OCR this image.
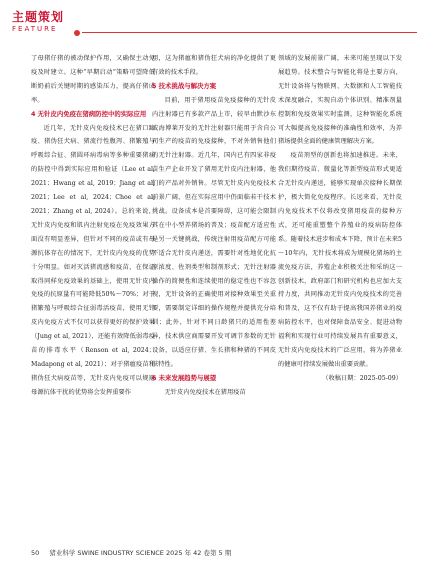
主题策划
FEATURE

了母猪仔猪的被动保护作用，又确保主动免疫及时建立。这种“早期启动”策略可望降低断奶前后关键时期的感染压力，提高仔猪成率。

4 无针皮内免疫在猪病防控中的实际应用

近几年，无针皮内免疫技术已在猪口蹄疫、猪伪狂犬病、猪流行性腹泻、猪繁殖与呼吸综合征、猪圆环病毒病等多种重要猪病的防控中得到实际应用和验证（Lee et al, 2021；Hwang et al, 2019；Jiang et al, 2021；Lee et al, 2024；Choe et al, 2021；Zhang et al, 2024）。总的来说，无针皮内免疫和肌内注射免疫在免疫效果方面没有明显差异，但针对不同的疫苗或有母源抗体存在的情况下，无针皮内免疫的优势十分明显。如对灭活猪流感和疫苗，在保证取得同样免疫效果的基础上，使用无针皮内免疫的抗原量有可能降低50%～70%；对于猪繁殖与呼吸综合征弱毒活疫苗，使用无针皮内免疫方式不仅可以获得更好的保护效果（Jung et al, 2021），还能有效降低弱毒疫苗的排毒水平（Renson et al, 2024；Madapong et al, 2021）；对于猪瘟疫苗和猪伪狂犬病疫苗等，无针皮内免疫可以规避母源抗体干扰的优势将会发挥重要作

用，这为猪瘟和猪伪狂犬病的净化提供了更有效的技术手段。

5 技术挑战与解决方案

目前，用于猪用疫苗免疫接种的无针皮内注射器已有多款产品上市，较早由默沙东或海博莱开发的无针注射器只能用于含自公司生产的疫苗的免疫接种，不对外销售他们的无针注射器。近几年，国内已有四家非疫苗生产企业开发了猪用无针皮内注射器，他们的产品对外销售。尽管无针皮内免疫技术前景广阔，但在实际应用中仍面临若干技术挑战。设备成本是首要障碍，这可能会限制其在中小型养猪场的普及；疫苗配方适应性是另一关键挑战，传统注射用疫苗配方可能不适合无针皮内递送，需要针对性地优化抗原浓度、佐剂类型和制剂形式；无针注射器操作的简便性和连续使用的稳定性也不容忽视，无针设备的正确使用对接种效果至关重要，需要制定详细的操作规程并提供充分培训；此外，针对不同日龄猪只的适用性差异，技术供应商需要开发可调节参数的无针设备，以适应仔猪、生长猪和种猪的不同皮肤特性。

6 未来发展趋势与展望

无针皮内免疫技术在猪用疫苗

领域的发展前景广阔，未来可能呈现以下发展趋势。技术整合与智能化将是主要方向，无针设备将与物联网、大数据和人工智能技术深度融合，实现自动个体识别、精准剂量控制和免疫效果实时监测，这种智能化系统可大幅提高免疫接种的准确性和效率，为养猪场提供全面的健康管理解决方案。

疫苗剂型的创新也将加速推进。未来，我们期待疫苗、微量化等新型疫苗形式更适合无针皮内递送，能够实现单次接种长期保护，极大简化免疫程序。长远来看，无针皮内免疫技术不仅将改变猪用疫苗的接种方式，还可能重塑整个养殖业的疫病防控体系。随着技术进步和成本下降，预计在未来5～10年内，无针技术将成为规模化猪场的主流免疫方法，养殖企业积极关注和采纳这一创新技术，政府部门和研究机构也应加大支持力度，共同推动无针皮内免疫技术的完善和普及，这不仅有助于提高我国养猪业的疫病防控水平，也对保障食品安全、促进动物福利和实现行业可持续发展具有重要意义，无针皮内免疫技术的广泛应用，将为养猪业的健康可持续发展做出重要贡献。

（收稿日期：2025-05-09）

50 猪业科学 SWINE INDUSTRY SCIENCE 2025 年 42 卷第 5 期
